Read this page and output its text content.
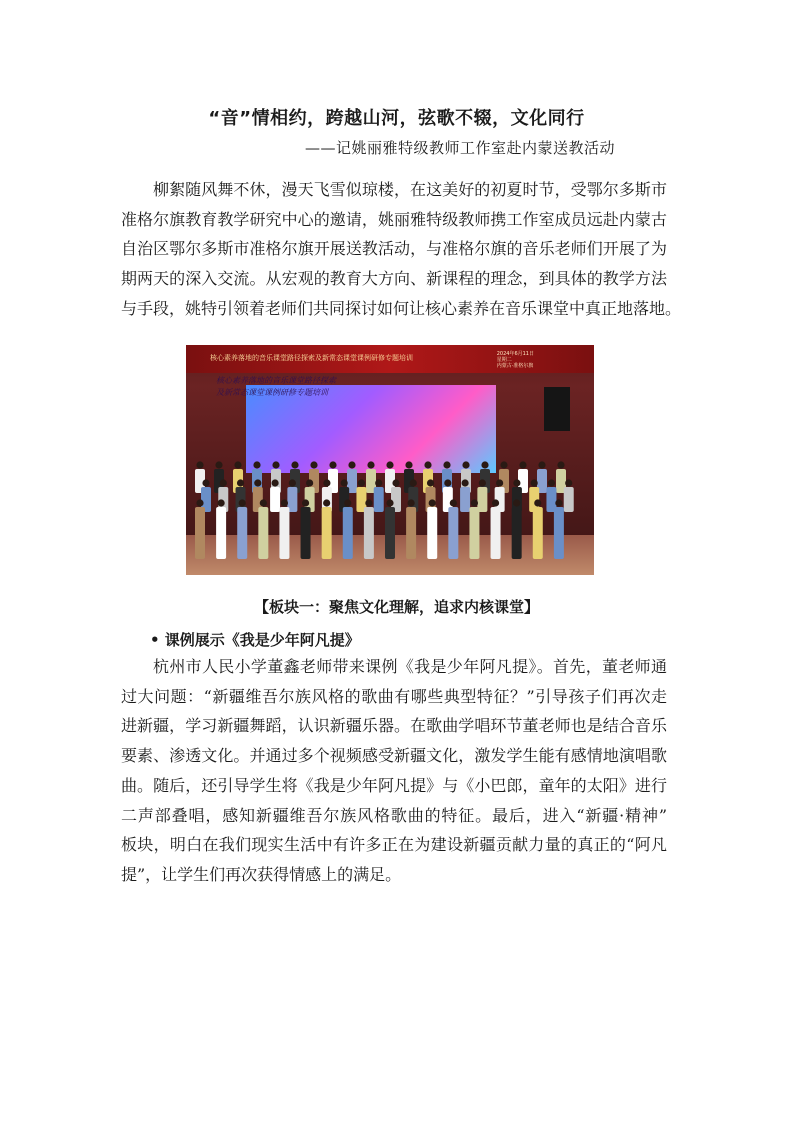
“音”情相约，跨越山河，弦歌不辍，文化同行
——记姚丽雅特级教师工作室赴内蒙送教活动
柳絮随风舞不休，漫天飞雪似琼楼，在这美好的初夏时节，受鄂尔多斯市
准格尔旗教育教学研究中心的邀请，姚丽雅特级教师携工作室成员远赴内蒙古
自治区鄂尔多斯市准格尔旗开展送教活动，与准格尔旗的音乐老师们开展了为
期两天的深入交流。从宏观的教育大方向、新课程的理念，到具体的教学方法
与手段，姚特引领着老师们共同探讨如何让核心素养在音乐课堂中真正地落地。
核心素养落地的音乐课堂路径探索及新常态课堂课例研修专题培训	2024年6月11日
星期二
内蒙古·准格尔旗
核心素养落地的音乐课堂路径探索
及新常态课堂课例研修专题培训
【板块一：聚焦文化理解，追求内核课堂】
• 课例展示《我是少年阿凡提》
杭州市人民小学董鑫老师带来课例《我是少年阿凡提》。首先，董老师通
过大问题：“新疆维吾尔族风格的歌曲有哪些典型特征？”引导孩子们再次走
进新疆，学习新疆舞蹈，认识新疆乐器。在歌曲学唱环节董老师也是结合音乐
要素、渗透文化。并通过多个视频感受新疆文化，激发学生能有感情地演唱歌
曲。随后，还引导学生将《我是少年阿凡提》与《小巴郎，童年的太阳》进行
二声部叠唱，感知新疆维吾尔族风格歌曲的特征。最后，进入“新疆·精神”
板块，明白在我们现实生活中有许多正在为建设新疆贡献力量的真正的“阿凡
提”，让学生们再次获得情感上的满足。
